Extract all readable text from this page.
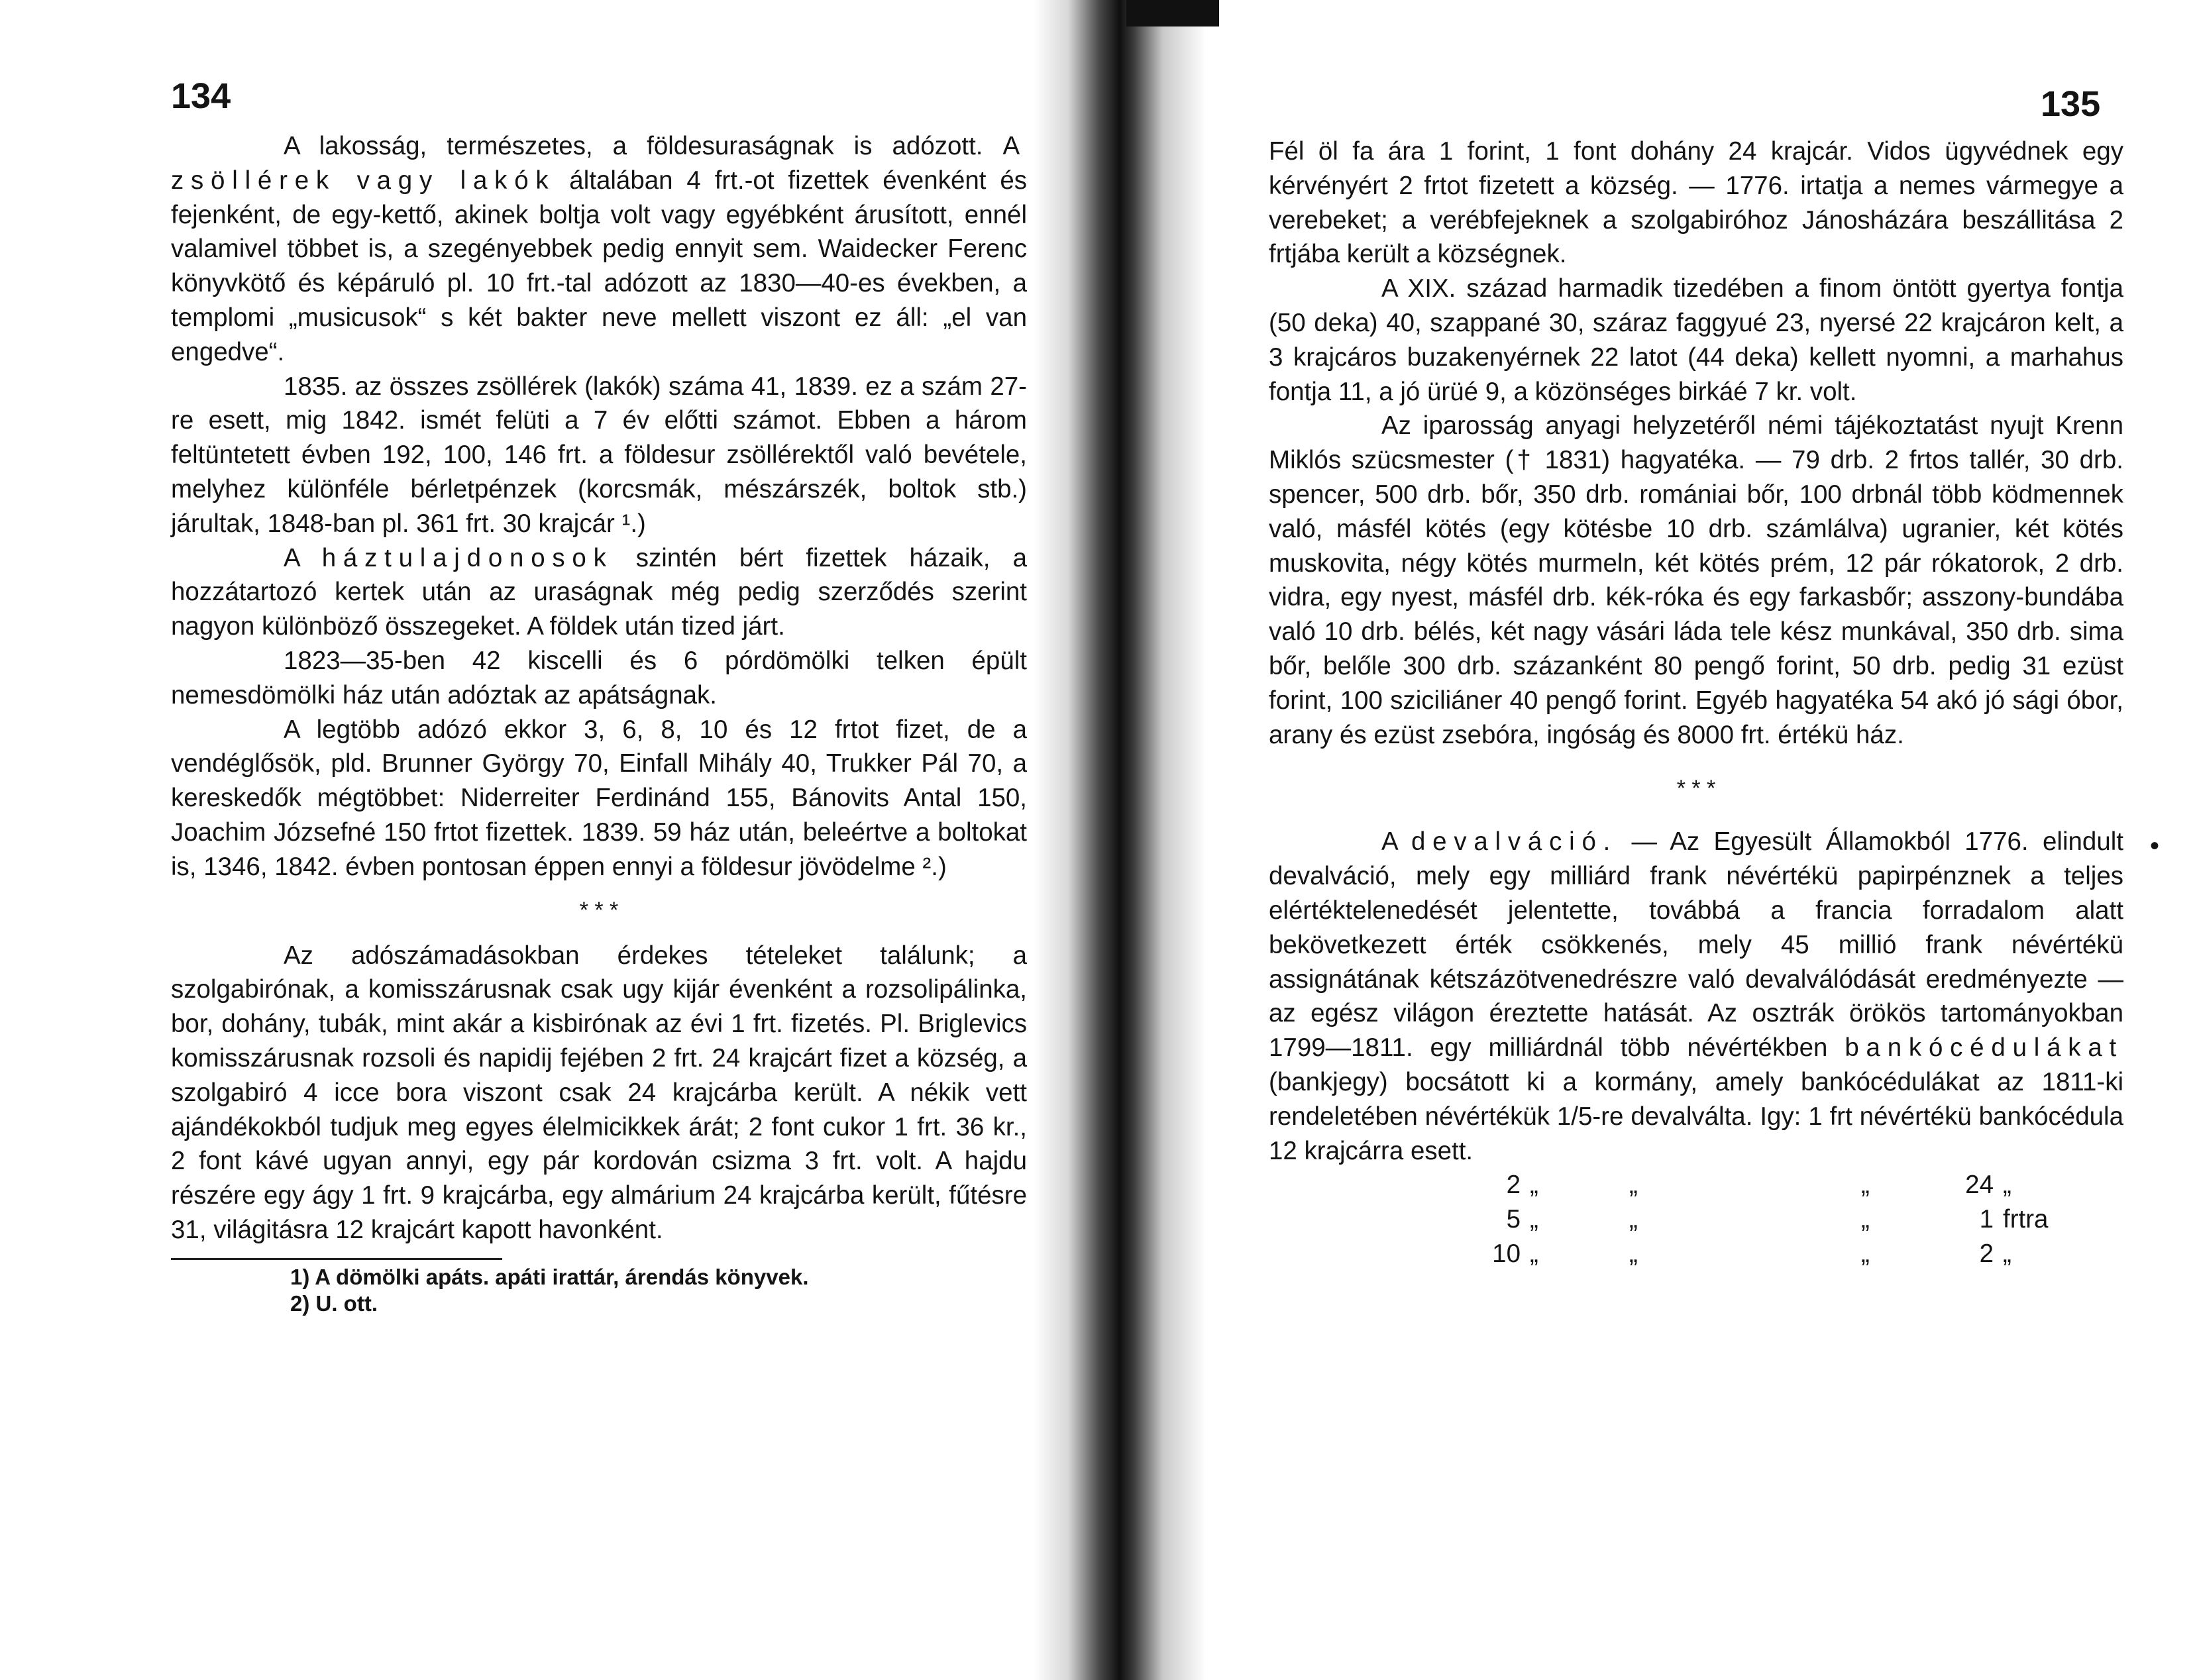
134

A lakosság, természetes, a földesuraságnak is adózott. A zsöllérek vagy lakók általában 4 frt.-ot fizettek évenként és fejenként, de egy-kettő, akinek boltja volt vagy egyébként árusított, ennél valamivel többet is, a szegényebbek pedig ennyit sem. Waidecker Ferenc könyvkötő és képáruló pl. 10 frt.-tal adózott az 1830—40-es években, a templomi „musicusok“ s két bakter neve mellett viszont ez áll: „el van engedve“.

1835. az összes zsöllérek (lakók) száma 41, 1839. ez a szám 27-re esett, mig 1842. ismét felüti a 7 év előtti számot. Ebben a három feltüntetett évben 192, 100, 146 frt. a földesur zsöllérektől való bevétele, melyhez különféle bérletpénzek (korcsmák, mészárszék, boltok stb.) járultak, 1848-ban pl. 361 frt. 30 krajcár ¹.)

A háztulajdonosok szintén bért fizettek házaik, a hozzátartozó kertek után az uraságnak még pedig szerződés szerint nagyon különböző összegeket. A földek után tized járt.

1823—35-ben 42 kiscelli és 6 pórdömölki telken épült nemesdömölki ház után adóztak az apátságnak.

A legtöbb adózó ekkor 3, 6, 8, 10 és 12 frtot fizet, de a vendéglősök, pld. Brunner György 70, Einfall Mihály 40, Trukker Pál 70, a kereskedők mégtöbbet: Niderreiter Ferdinánd 155, Bánovits Antal 150, Joachim Józsefné 150 frtot fizettek. 1839. 59 ház után, beleértve a boltokat is, 1346, 1842. évben pontosan éppen ennyi a földesur jövödelme ².)

* * *

Az adószámadásokban érdekes tételeket találunk; a szolgabirónak, a komisszárusnak csak ugy kijár évenként a rozsolipálinka, bor, dohány, tubák, mint akár a kisbirónak az évi 1 frt. fizetés. Pl. Briglevics komisszárusnak rozsoli és napidij fejében 2 frt. 24 krajcárt fizet a község, a szolgabiró 4 icce bora viszont csak 24 krajcárba került. A nékik vett ajándékokból tudjuk meg egyes élelmicikkek árát; 2 font cukor 1 frt. 36 kr., 2 font kávé ugyan annyi, egy pár kordován csizma 3 frt. volt. A hajdu részére egy ágy 1 frt. 9 krajcárba, egy almárium 24 krajcárba került, fűtésre 31, világitásra 12 krajcárt kapott havonként.

1) A dömölki apáts. apáti irattár, árendás könyvek.
2) U. ott.
135

Fél öl fa ára 1 forint, 1 font dohány 24 krajcár. Vidos ügyvédnek egy kérvényért 2 frtot fizetett a község. — 1776. irtatja a nemes vármegye a verebeket; a verébfejeknek a szolgabiróhoz Jánosházára beszállitása 2 frtjába került a községnek.

A XIX. század harmadik tizedében a finom öntött gyertya fontja (50 deka) 40, szappané 30, száraz faggyué 23, nyersé 22 krajcáron kelt, a 3 krajcáros buzakenyérnek 22 latot (44 deka) kellett nyomni, a marhahus fontja 11, a jó ürüé 9, a közönséges birkáé 7 kr. volt.

Az iparosság anyagi helyzetéről némi tájékoztatást nyujt Krenn Miklós szücsmester († 1831) hagyatéka. — 79 drb. 2 frtos tallér, 30 drb. spencer, 500 drb. bőr, 350 drb. romániai bőr, 100 drbnál több ködmennek való, másfél kötés (egy kötésbe 10 drb. számlálva) ugranier, két kötés muskovita, négy kötés murmeln, két kötés prém, 12 pár rókatorok, 2 drb. vidra, egy nyest, másfél drb. kék-róka és egy farkasbőr; asszony-bundába való 10 drb. bélés, két nagy vásári láda tele kész munkával, 350 drb. sima bőr, belőle 300 drb. százanként 80 pengő forint, 50 drb. pedig 31 ezüst forint, 100 sziciliáner 40 pengő forint. Egyéb hagyatéka 54 akó jó sági óbor, arany és ezüst zsebóra, ingóság és 8000 frt. értékü ház.

* * *

A devalváció. — Az Egyesült Államokból 1776. elindult devalváció, mely egy milliárd frank névértékü papirpénznek a teljes elértéktelenedését jelentette, továbbá a francia forradalom alatt bekövetkezett érték csökkenés, mely 45 millió frank névértékü assignátának kétszázötvenedrészre való devalválódását eredményezte — az egész világon éreztette hatását. Az osztrák örökös tartományokban 1799—1811. egy milliárdnál több névértékben bankócédulákat (bankjegy) bocsátott ki a kormány, amely bankócédulákat az 1811-ki rendeletében névértékük 1/5-re devalválta. Igy: 1 frt névértékü bankócédula 12 krajcárra esett.

2	„	„	„	24	„
5	„	„	„	1	frtra
10	„	„	„	2	„
•
